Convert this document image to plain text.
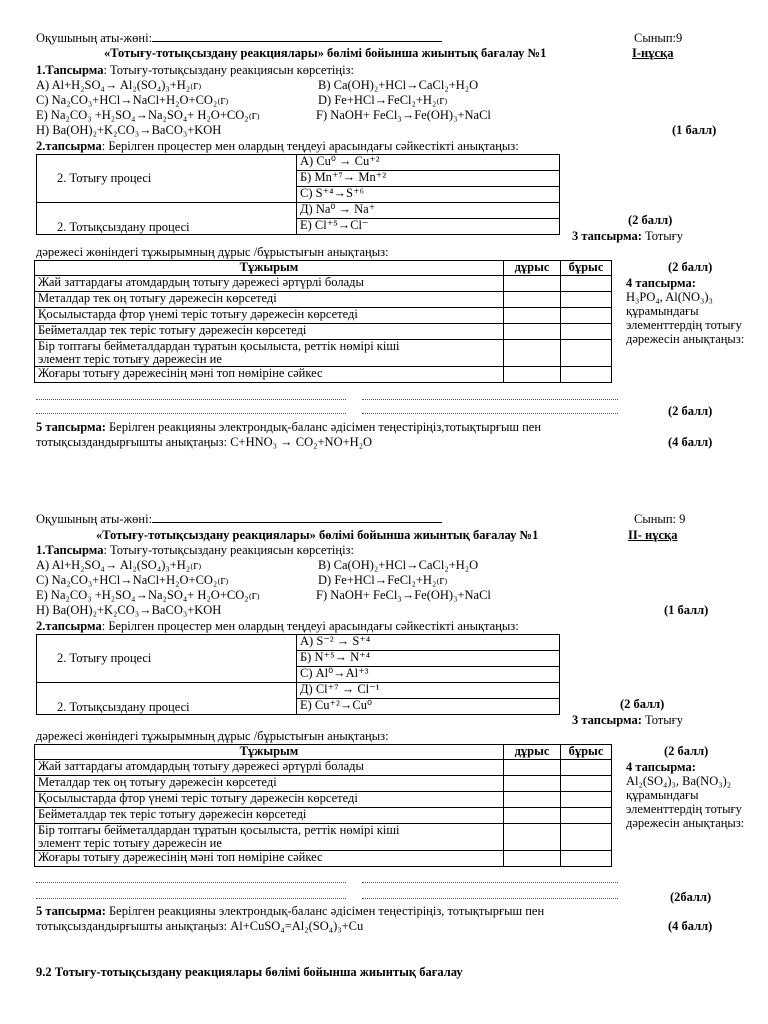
Оқушының аты-жөні:	Сынып:9
«Тотығу-тотықсыздану реакциялары» бөлімі бойынша жиынтық бағалау №1	I-нұсқа
1.Тапсырма: Тотығу-тотықсыздану реакциясын көрсетіңіз:
A) Al+H₂SO₄→ Al₂(SO₄)₃+H₂₍г₎	B) Ca(OH)₂+HCl→CaCl₂+H₂O
C) Na₂CO₃+HCl→NaCl+H₂O+CO₂₍г₎	D) Fe+HCl→FeCl₂+H₂₍г₎
E) Na₂CO₃ +H₂SO₄→Na₂SO₄+ H₂O+CO₂₍г₎	F) NaOH+ FeCl₃→Fe(OH)₃+NaCl
H) Ba(OH)₂+K₂CO₃→BaCO₃+KOH	(1 балл)
2.тапсырма: Берілген процестер мен олардың теңдеуі арасындағы сәйкестікті анықтаңыз:
2. Тотығу процесі	А) Cu⁰ → Cu⁺²
	Б) Mn⁺⁷→ Mn⁺²
	С) S⁺⁴→S⁺⁶
2. Тотықсыздану процесі	Д) Na⁰ → Na⁺
	Е) Cl⁺⁵→Cl⁻	(2 балл)
3 тапсырма: Тотығу
дәрежесі жөніндегі тұжырымның дұрыс /бұрыстығын анықтаңыз:
Тұжырым	дұрыс	бұрыс
Жай заттардағы атомдардың тотығу дәрежесі әртүрлі болады		
Металдар тек оң тотығу дәрежесін көрсетеді		
Қосылыстарда фтор үнемі теріс тотығу дәрежесін көрсетеді		
Бейметалдар тек теріс тотығу дәрежесін көрсетеді		
Бір топтағы бейметалдардан тұратын қосылыста, реттік нөмірі кіші
элемент теріс тотығу дәрежесін ие		
Жоғары тотығу дәрежесінің мәні топ нөміріне сәйкес		
(2 балл)
4 тапсырма:
H₃PO₄, Al(NO₃)₃
құрамындағы элементтердің тотығу дәрежесін анықтаңыз:
(2 балл)
5 тапсырма: Берілген реакцияны электрондық-баланс әдісімен теңестіріңіз,тотықтырғыш пен
тотықсыздандырғышты анықтаңыз: C+HNO₃ → CO₂+NO+H₂O	(4 балл)
Оқушының аты-жөні:	Сынып: 9
«Тотығу-тотықсыздану реакциялары» бөлімі бойынша жиынтық бағалау №1	II- нұсқа
1.Тапсырма: Тотығу-тотықсыздану реакциясын көрсетіңіз:
A) Al+H₂SO₄→ Al₂(SO₄)₃+H₂₍г₎	B) Ca(OH)₂+HCl→CaCl₂+H₂O
C) Na₂CO₃+HCl→NaCl+H₂O+CO₂₍г₎	D) Fe+HCl→FeCl₂+H₂₍г₎
E) Na₂CO₃ +H₂SO₄→Na₂SO₄+ H₂O+CO₂₍г₎	F) NaOH+ FeCl₃→Fe(OH)₃+NaCl
H) Ba(OH)₂+K₂CO₃→BaCO₃+KOH	(1 балл)
2.тапсырма: Берілген процестер мен олардың теңдеуі арасындағы сәйкестікті анықтаңыз:
2. Тотығу процесі	А) S⁻² → S⁺⁴
	Б) N⁺⁵→ N⁺⁴
	С) Al⁰→Al⁺³
2. Тотықсыздану процесі	Д) Cl⁺⁷ → Cl⁻¹
	Е) Cu⁺²→Cu⁰	(2 балл)
3 тапсырма: Тотығу
дәрежесі жөніндегі тұжырымның дұрыс /бұрыстығын анықтаңыз:
Тұжырым	дұрыс	бұрыс
Жай заттардағы атомдардың тотығу дәрежесі әртүрлі болады		
Металдар тек оң тотығу дәрежесін көрсетеді		
Қосылыстарда фтор үнемі теріс тотығу дәрежесін көрсетеді		
Бейметалдар тек теріс тотығу дәрежесін көрсетеді		
Бір топтағы бейметалдардан тұратын қосылыста, реттік нөмірі кіші
элемент теріс тотығу дәрежесін ие		
Жоғары тотығу дәрежесінің мәні топ нөміріне сәйкес		
(2 балл)
4 тапсырма:
Al₂(SO₄)₃, Ba(NO₃)₂
құрамындағы элементтердің тотығу дәрежесін анықтаңыз:
(2балл)
5 тапсырма: Берілген реакцияны электрондық-баланс әдісімен теңестіріңіз, тотықтырғыш пен
тотықсыздандырғышты анықтаңыз: Al+CuSO₄=Al₂(SO₄)₃+Cu	(4 балл)
9.2 Тотығу-тотықсыздану реакциялары бөлімі бойынша жиынтық бағалау
